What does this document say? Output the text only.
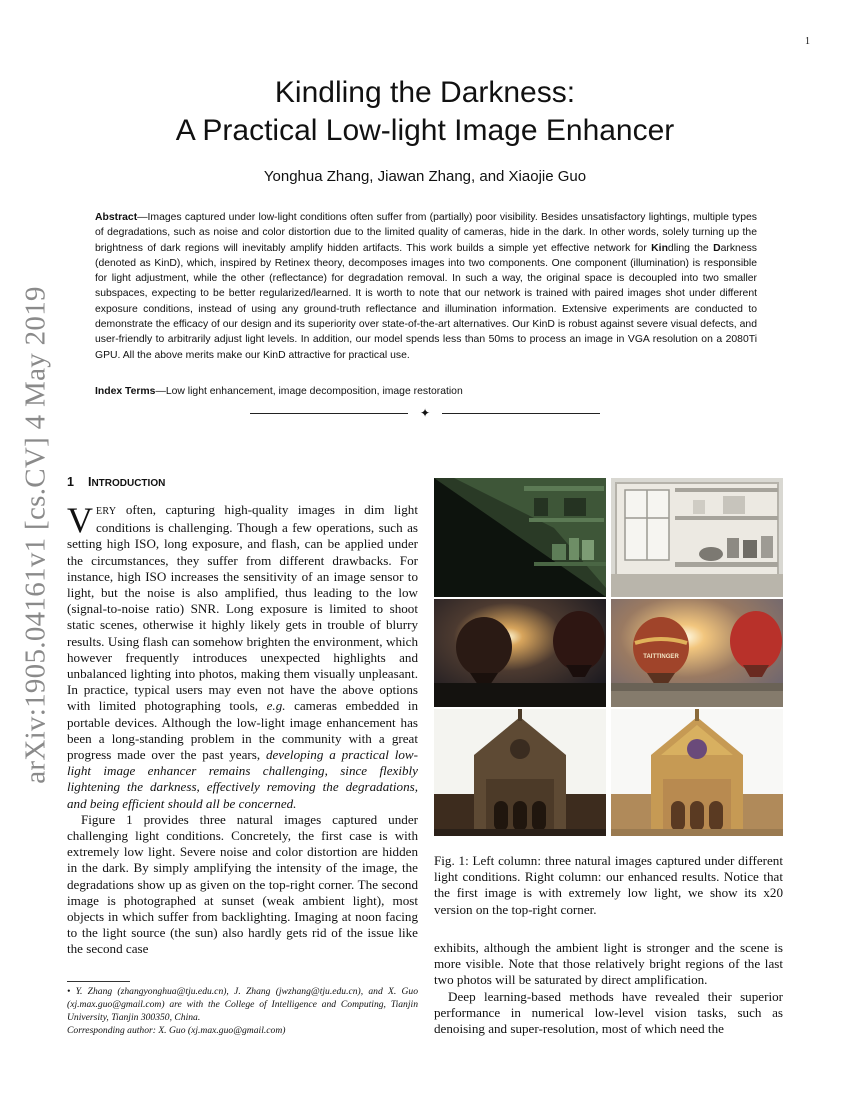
1
arXiv:1905.04161v1 [cs.CV] 4 May 2019
Kindling the Darkness:
A Practical Low-light Image Enhancer
Yonghua Zhang, Jiawan Zhang, and Xiaojie Guo
Abstract—Images captured under low-light conditions often suffer from (partially) poor visibility. Besides unsatisfactory lightings, multiple types of degradations, such as noise and color distortion due to the limited quality of cameras, hide in the dark. In other words, solely turning up the brightness of dark regions will inevitably amplify hidden artifacts. This work builds a simple yet effective network for Kindling the Darkness (denoted as KinD), which, inspired by Retinex theory, decomposes images into two components. One component (illumination) is responsible for light adjustment, while the other (reflectance) for degradation removal. In such a way, the original space is decoupled into two smaller subspaces, expecting to be better regularized/learned. It is worth to note that our network is trained with paired images shot under different exposure conditions, instead of using any ground-truth reflectance and illumination information. Extensive experiments are conducted to demonstrate the efficacy of our design and its superiority over state-of-the-art alternatives. Our KinD is robust against severe visual defects, and user-friendly to arbitrarily adjust light levels. In addition, our model spends less than 50ms to process an image in VGA resolution on a 2080Ti GPU. All the above merits make our KinD attractive for practical use.
Index Terms—Low light enhancement, image decomposition, image restoration
✦
1 INTRODUCTION

VERY often, capturing high-quality images in dim light conditions is challenging. Though a few operations, such as setting high ISO, long exposure, and flash, can be applied under the circumstances, they suffer from different drawbacks. For instance, high ISO increases the sensitivity of an image sensor to light, but the noise is also amplified, thus leading to the low (signal-to-noise ratio) SNR. Long exposure is limited to shoot static scenes, otherwise it highly likely gets in trouble of blurry results. Using flash can somehow brighten the environment, which however frequently introduces unexpected highlights and unbalanced lighting into photos, making them visually unpleasant. In practice, typical users may even not have the above options with limited photographing tools, e.g. cameras embedded in portable devices. Although the low-light image enhancement has been a long-standing problem in the community with a great progress made over the past years, developing a practical low-light image enhancer remains challenging, since flexibly lightening the darkness, effectively removing the degradations, and being efficient should all be concerned.

Figure 1 provides three natural images captured under challenging light conditions. Concretely, the first case is with extremely low light. Severe noise and color distortion are hidden in the dark. By simply amplifying the intensity of the image, the degradations show up as given on the top-right corner. The second image is photographed at sunset (weak ambient light), most objects in which suffer from backlighting. Imaging at noon facing to the light source (the sun) also hardly gets rid of the issue like the second case

• Y. Zhang (zhangyonghua@tju.edu.cn), J. Zhang (jwzhang@tju.edu.cn), and X. Guo (xj.max.guo@gmail.com) are with the College of Intelligence and Computing, Tianjin University, Tianjin 300350, China.
Corresponding author: X. Guo (xj.max.guo@gmail.com)
TAITTINGER
Fig. 1: Left column: three natural images captured under different light conditions. Right column: our enhanced results. Notice that the first image is with extremely low light, we show its x20 version on the top-right corner.

exhibits, although the ambient light is stronger and the scene is more visible. Note that those relatively bright regions of the last two photos will be saturated by direct amplification.

Deep learning-based methods have revealed their superior performance in numerical low-level vision tasks, such as denoising and super-resolution, most of which need the
